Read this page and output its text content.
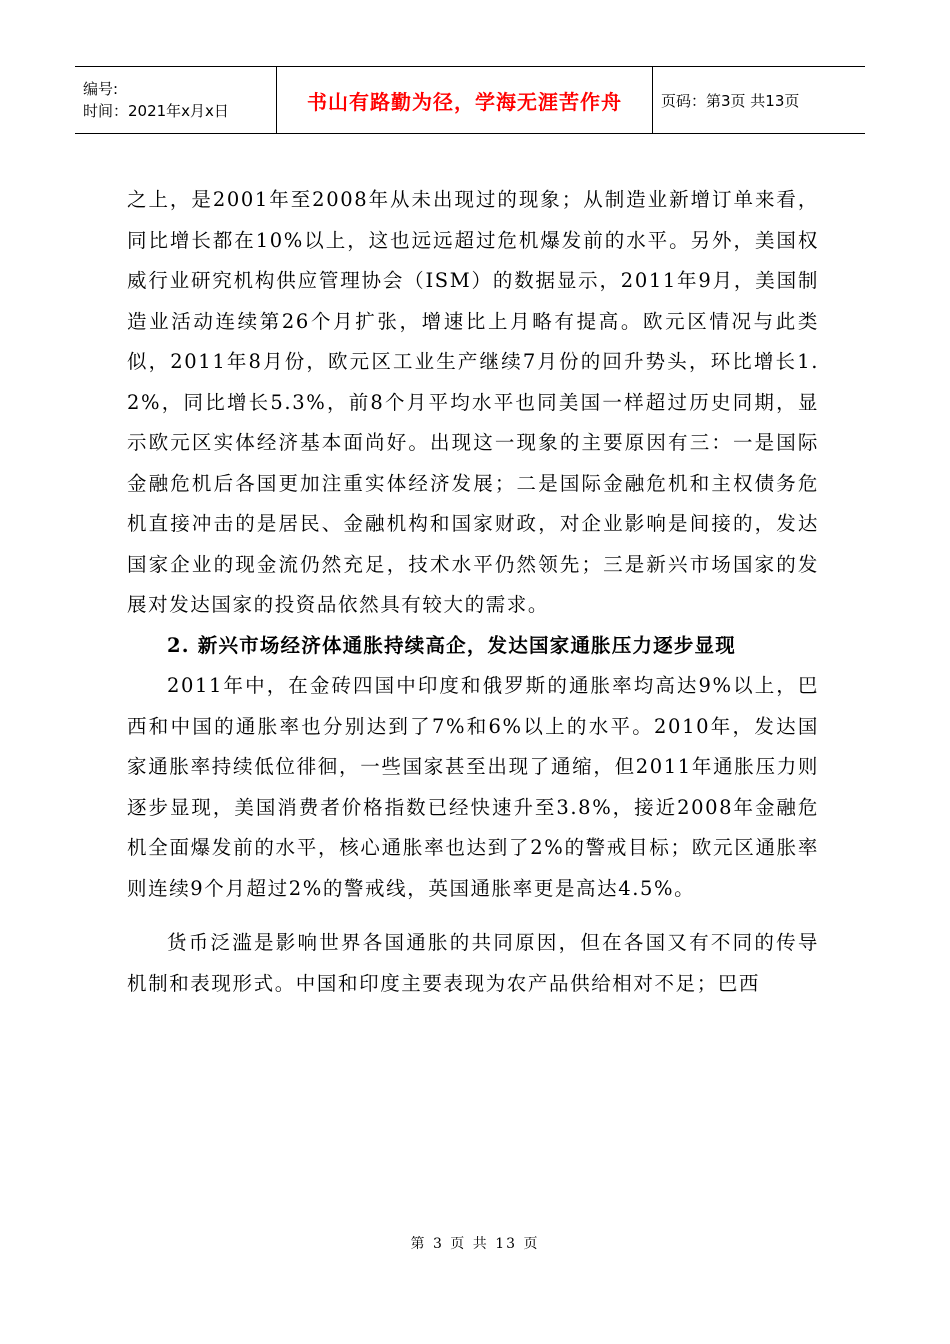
编号:
时间：2021年x月x日	书山有路勤为径，学海无涯苦作舟	页码：第3页 共13页

之上，是2001年至2008年从未出现过的现象；从制造业新增订单来看，同比增长都在10%以上，这也远远超过危机爆发前的水平。另外，美国权威行业研究机构供应管理协会（ISM）的数据显示，2011年9月，美国制造业活动连续第26个月扩张，增速比上月略有提高。欧元区情况与此类似，2011年8月份，欧元区工业生产继续7月份的回升势头，环比增长1.2%，同比增长5.3%，前8个月平均水平也同美国一样超过历史同期，显示欧元区实体经济基本面尚好。出现这一现象的主要原因有三：一是国际金融危机后各国更加注重实体经济发展；二是国际金融危机和主权债务危机直接冲击的是居民、金融机构和国家财政，对企业影响是间接的，发达国家企业的现金流仍然充足，技术水平仍然领先；三是新兴市场国家的发展对发达国家的投资品依然具有较大的需求。

2. 新兴市场经济体通胀持续高企，发达国家通胀压力逐步显现

2011年中，在金砖四国中印度和俄罗斯的通胀率均高达9%以上，巴西和中国的通胀率也分别达到了7%和6%以上的水平。2010年，发达国家通胀率持续低位徘徊，一些国家甚至出现了通缩，但2011年通胀压力则逐步显现，美国消费者价格指数已经快速升至3.8%，接近2008年金融危机全面爆发前的水平，核心通胀率也达到了2%的警戒目标；欧元区通胀率则连续9个月超过2%的警戒线，英国通胀率更是高达4.5%。

货币泛滥是影响世界各国通胀的共同原因，但在各国又有不同的传导机制和表现形式。中国和印度主要表现为农产品供给相对不足；巴西

第 3 页 共 13 页
